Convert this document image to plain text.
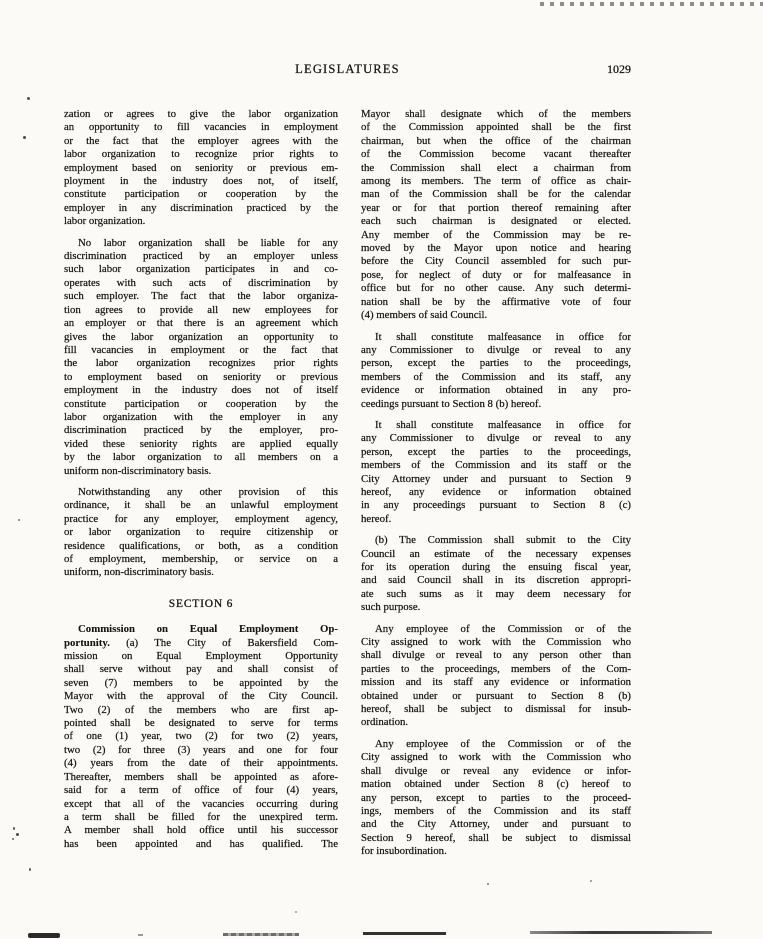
LEGISLATURES	1029
zation or agrees to give the labor organization
an opportunity to fill vacancies in employment
or the fact that the employer agrees with the
labor organization to recognize prior rights to
employment based on seniority or previous em-
ployment in the industry does not, of itself,
constitute participation or cooperation by the
employer in any discrimination practiced by the
labor organization.
No labor organization shall be liable for any
discrimination practiced by an employer unless
such labor organization participates in and co-
operates with such acts of discrimination by
such employer. The fact that the labor organiza-
tion agrees to provide all new employees for
an employer or that there is an agreement which
gives the labor organization an opportunity to
fill vacancies in employment or the fact that
the labor organization recognizes prior rights
to employment based on seniority or previous
employment in the industry does not of itself
constitute participation or cooperation by the
labor organization with the employer in any
discrimination practiced by the employer, pro-
vided these seniority rights are applied equally
by the labor organization to all members on a
uniform non-discriminatory basis.
Notwithstanding any other provision of this
ordinance, it shall be an unlawful employment
practice for any employer, employment agency,
or labor organization to require citizenship or
residence qualifications, or both, as a condition
of employment, membership, or service on a
uniform, non-discriminatory basis.
SECTION 6
Commission on Equal Employment Op-
portunity. (a) The City of Bakersfield Com-
mission on Equal Employment Opportunity
shall serve without pay and shall consist of
seven (7) members to be appointed by the
Mayor with the approval of the City Council.
Two (2) of the members who are first ap-
pointed shall be designated to serve for terms
of one (1) year, two (2) for two (2) years,
two (2) for three (3) years and one for four
(4) years from the date of their appointments.
Thereafter, members shall be appointed as afore-
said for a term of office of four (4) years,
except that all of the vacancies occurring during
a term shall be filled for the unexpired term.
A member shall hold office until his successor
has been appointed and has qualified. The
Mayor shall designate which of the members
of the Commission appointed shall be the first
chairman, but when the office of the chairman
of the Commission become vacant thereafter
the Commission shall elect a chairman from
among its members. The term of office as chair-
man of the Commission shall be for the calendar
year or for that portion thereof remaining after
each such chairman is designated or elected.
Any member of the Commission may be re-
moved by the Mayor upon notice and hearing
before the City Council assembled for such pur-
pose, for neglect of duty or for malfeasance in
office but for no other cause. Any such determi-
nation shall be by the affirmative vote of four
(4) members of said Council.
It shall constitute malfeasance in office for
any Commissioner to divulge or reveal to any
person, except the parties to the proceedings,
members of the Commission and its staff, any
evidence or information obtained in any pro-
ceedings pursuant to Section 8 (b) hereof.
It shall constitute malfeasance in office for
any Commissioner to divulge or reveal to any
person, except the parties to the proceedings,
members of the Commission and its staff or the
City Attorney under and pursuant to Section 9
hereof, any evidence or information obtained
in any proceedings pursuant to Section 8 (c)
hereof.
(b) The Commission shall submit to the City
Council an estimate of the necessary expenses
for its operation during the ensuing fiscal year,
and said Council shall in its discretion appropri-
ate such sums as it may deem necessary for
such purpose.
Any employee of the Commission or of the
City assigned to work with the Commission who
shall divulge or reveal to any person other than
parties to the proceedings, members of the Com-
mission and its staff any evidence or information
obtained under or pursuant to Section 8 (b)
hereof, shall be subject to dismissal for insub-
ordination.
Any employee of the Commission or of the
City assigned to work with the Commission who
shall divulge or reveal any evidence or infor-
mation obtained under Section 8 (c) hereof to
any person, except to parties to the proceed-
ings, members of the Commission and its staff
and the City Attorney, under and pursuant to
Section 9 hereof, shall be subject to dismissal
for insubordination.
